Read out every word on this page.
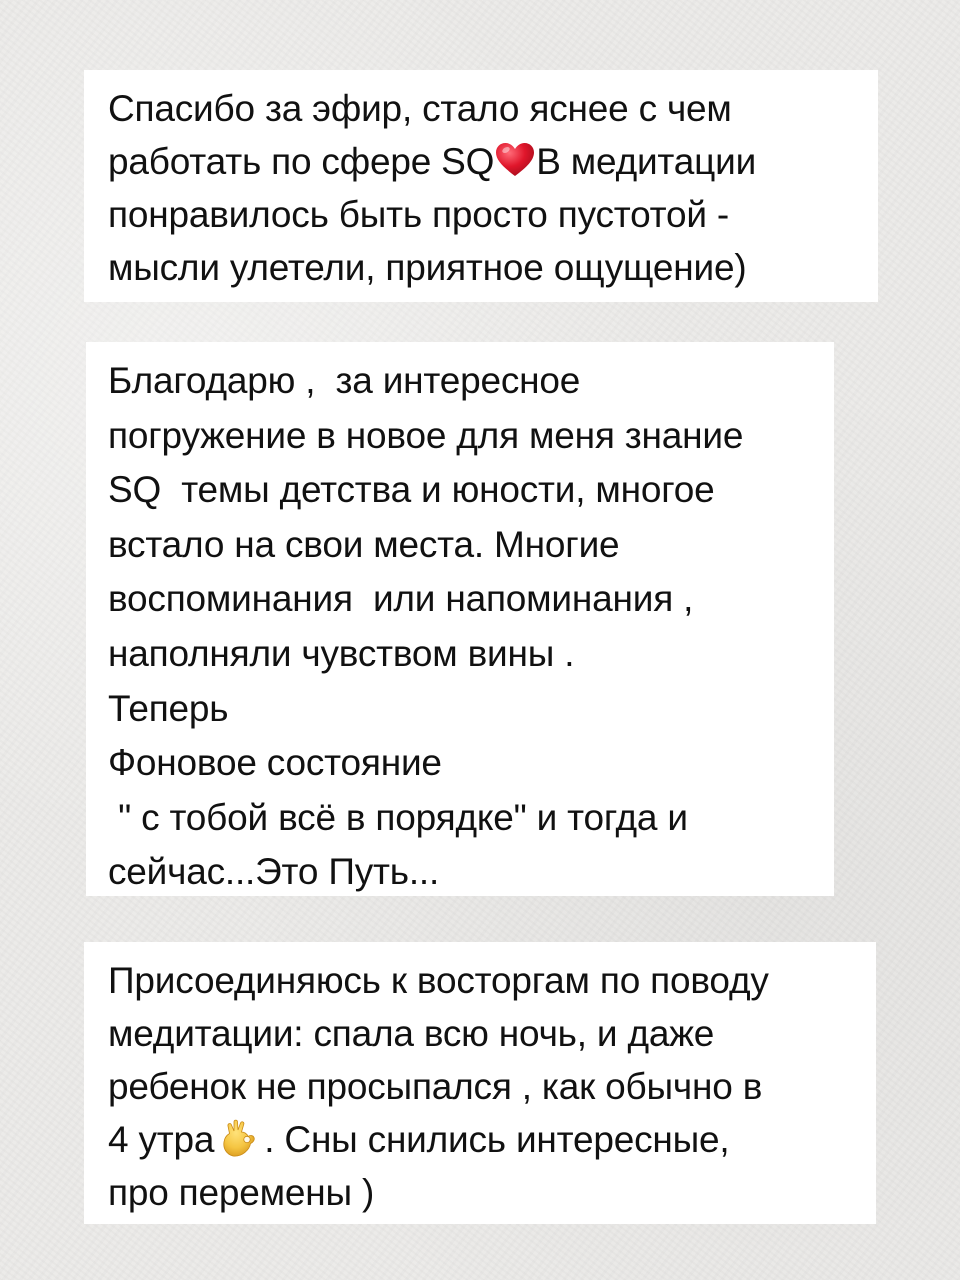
Спасибо за эфир, стало яснее с чем
работать по сфере SQ В медитации
понравилось быть просто пустотой -
мысли улетели, приятное ощущение)
Благодарю ,  за интересное
погружение в новое для меня знание
SQ  темы детства и юности, многое
встало на свои места. Многие
воспоминания  или напоминания ,
наполняли чувством вины .
Теперь
Фоновое состояние
" с тобой всё в порядке" и тогда и
сейчас...Это Путь...
Присоединяюсь к восторгам по поводу
медитации: спала всю ночь, и даже
ребенок не просыпался , как обычно в
4 утра . Сны снились интересные,
про перемены )
